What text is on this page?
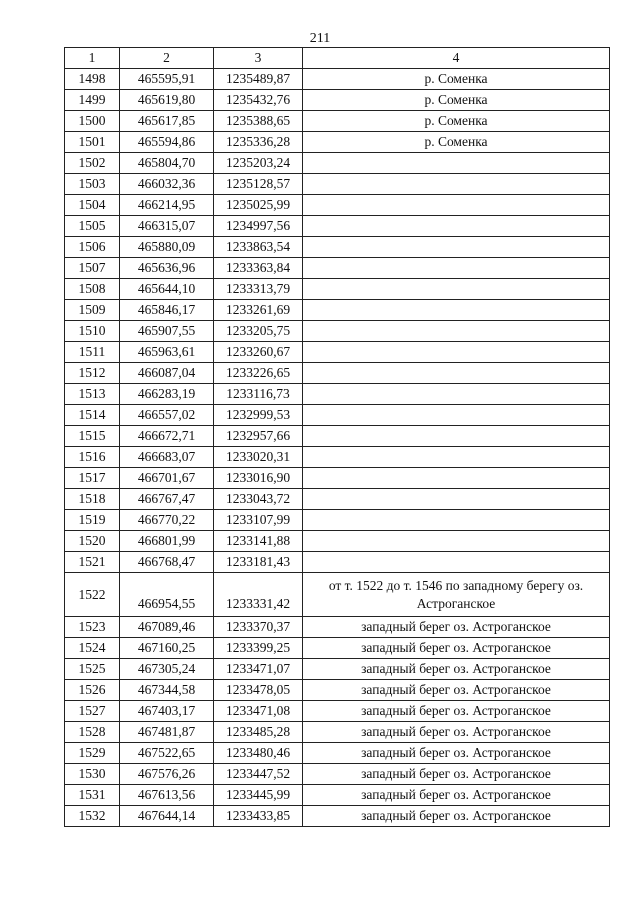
211
1	2	3	4
1498	465595,91	1235489,87	р. Соменка
1499	465619,80	1235432,76	р. Соменка
1500	465617,85	1235388,65	р. Соменка
1501	465594,86	1235336,28	р. Соменка
1502	465804,70	1235203,24	
1503	466032,36	1235128,57	
1504	466214,95	1235025,99	
1505	466315,07	1234997,56	
1506	465880,09	1233863,54	
1507	465636,96	1233363,84	
1508	465644,10	1233313,79	
1509	465846,17	1233261,69	
1510	465907,55	1233205,75	
1511	465963,61	1233260,67	
1512	466087,04	1233226,65	
1513	466283,19	1233116,73	
1514	466557,02	1232999,53	
1515	466672,71	1232957,66	
1516	466683,07	1233020,31	
1517	466701,67	1233016,90	
1518	466767,47	1233043,72	
1519	466770,22	1233107,99	
1520	466801,99	1233141,88	
1521	466768,47	1233181,43	
1522	466954,55	1233331,42	от т. 1522 до т. 1546 по западному берегу оз. Астроганское
1523	467089,46	1233370,37	западный берег оз. Астроганское
1524	467160,25	1233399,25	западный берег оз. Астроганское
1525	467305,24	1233471,07	западный берег оз. Астроганское
1526	467344,58	1233478,05	западный берег оз. Астроганское
1527	467403,17	1233471,08	западный берег оз. Астроганское
1528	467481,87	1233485,28	западный берег оз. Астроганское
1529	467522,65	1233480,46	западный берег оз. Астроганское
1530	467576,26	1233447,52	западный берег оз. Астроганское
1531	467613,56	1233445,99	западный берег оз. Астроганское
1532	467644,14	1233433,85	западный берег оз. Астроганское
